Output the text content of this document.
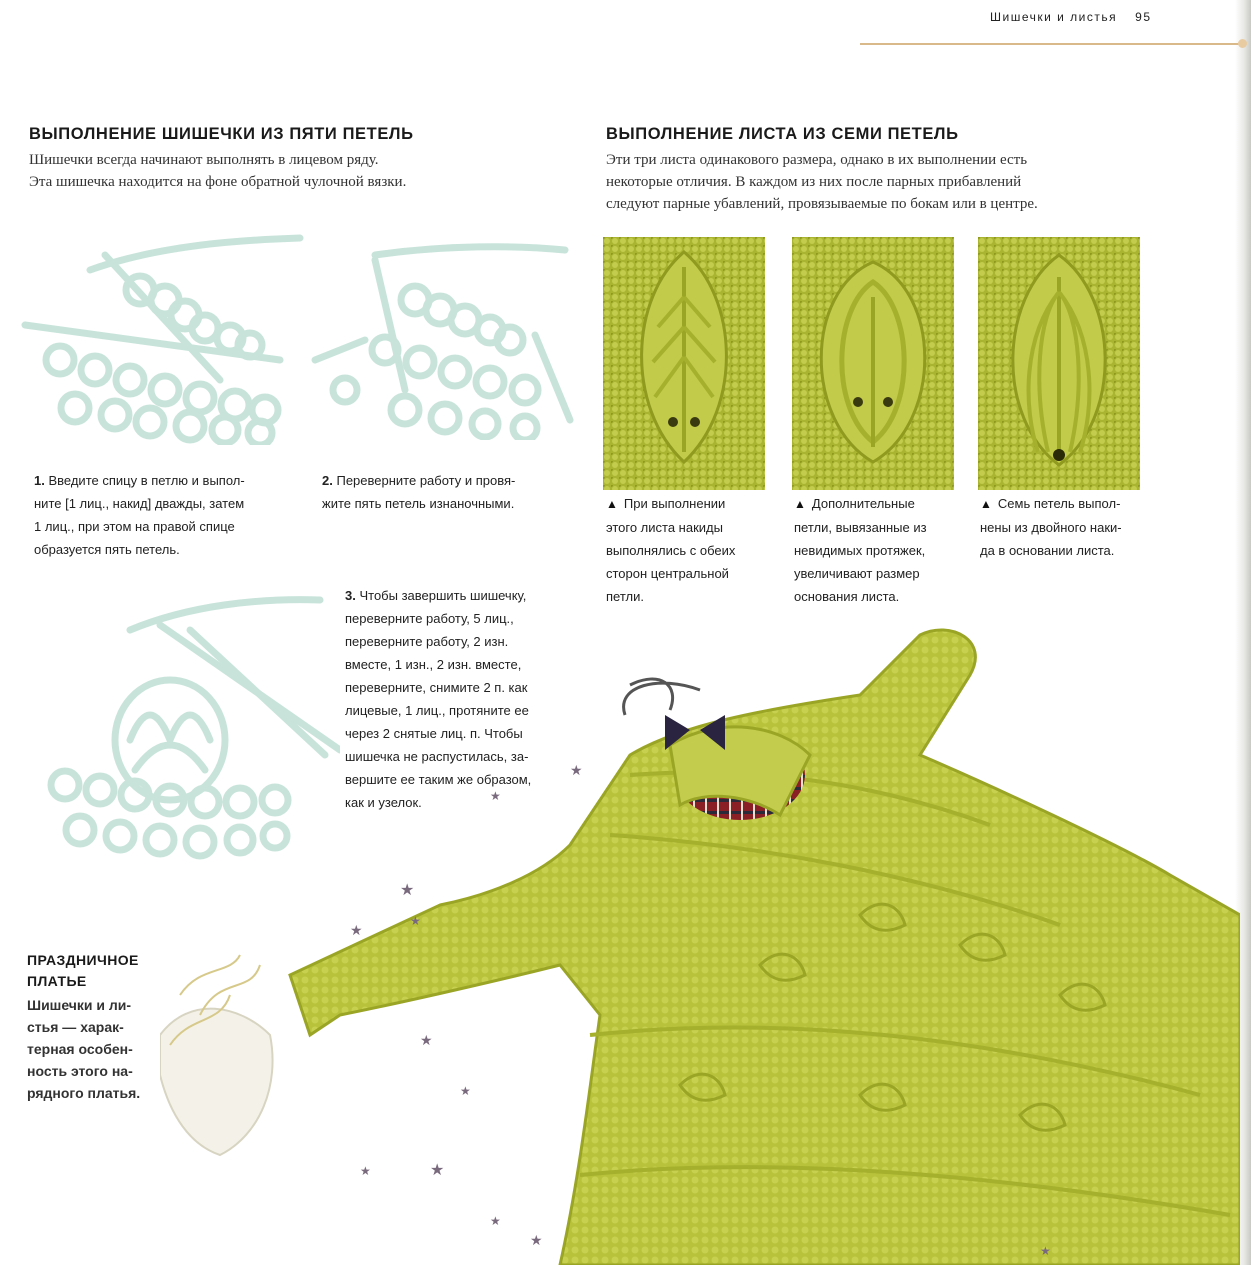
Шишечки и листья 95
ВЫПОЛНЕНИЕ ШИШЕЧКИ ИЗ ПЯТИ ПЕТЕЛЬ
Шишечки всегда начинают выполнять в лицевом ряду.
Эта шишечка находится на фоне обратной чулочной вязки.
1. Введите спицу в петлю и выпол-
ните [1 лиц., накид] дважды, затем
1 лиц., при этом на правой спице
образуется пять петель.
2. Переверните работу и провя-
жите пять петель изнаночными.
3. Чтобы завершить шишечку,
переверните работу, 5 лиц.,
переверните работу, 2 изн.
вместе, 1 изн., 2 изн. вместе,
переверните, снимите 2 п. как
лицевые, 1 лиц., протяните ее
через 2 снятые лиц. п. Чтобы
шишечка не распустилась, за-
вершите ее таким же образом,
как и узелок.
ВЫПОЛНЕНИЕ ЛИСТА ИЗ СЕМИ ПЕТЕЛЬ
Эти три листа одинакового размера, однако в их выполнении есть
некоторые отличия. В каждом из них после парных прибавлений
следуют парные убавлений, провязываемые по бокам или в центре.
▲ При выполнении
этого листа накиды
выполнялись с обеих
сторон центральной
петли.
▲ Дополнительные
петли, вывязанные из
невидимых протяжек,
увеличивают размер
основания листа.
▲ Семь петель выпол-
нены из двойного наки-
да в основании листа.
★
★
★
★
★
★
★
★
★
★
★
★
ПРАЗДНИЧНОЕ
ПЛАТЬЕ
Шишечки и ли-
стья — харак-
терная особен-
ность этого на-
рядного платья.
